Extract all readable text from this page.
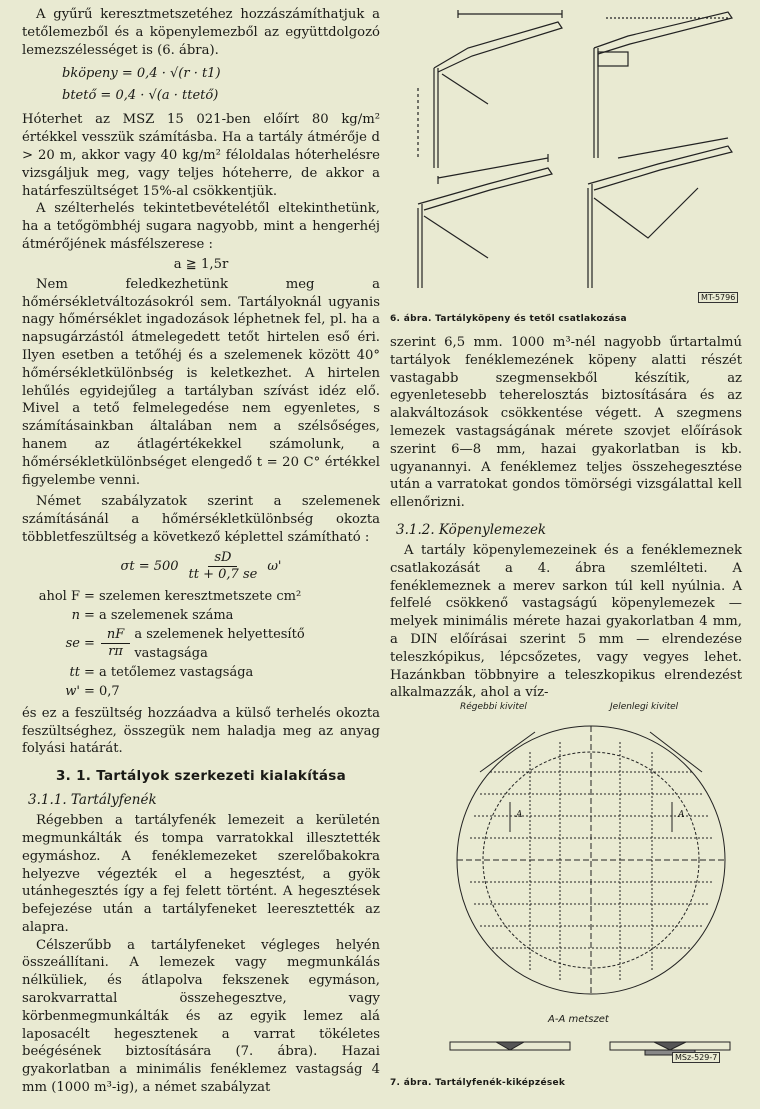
A gyűrű keresztmetszetéhez hozzászámíthatjuk a tetőlemezből és a köpenylemezből az együttdolgozó lemezszélességet is (6. ábra).

bköpeny = 0,4 · √(r · t1)
btető = 0,4 · √(a · ttető)

Hóterhet az MSZ 15 021-ben előírt 80 kg/m² értékkel vesszük számításba. Ha a tartály átmérője d > 20 m, akkor vagy 40 kg/m² féloldalas hóterhelésre vizsgáljuk meg, vagy teljes hóteherre, de akkor a határfeszültséget 15%-al csökkentjük.

A szélterhelés tekintetbevételétől eltekinthetünk, ha a tetőgömbhéj sugara nagyobb, mint a hengerhéj átmérőjének másfélszerese :

a ≧ 1,5r

Nem feledkezhetünk meg a hőmérsékletváltozásokról sem. Tartályoknál ugyanis nagy hőmérséklet ingadozások léphetnek fel, pl. ha a napsugárzástól átmelegedett tetőt hirtelen eső éri. Ilyen esetben a tetőhéj és a szelemenek között 40° hőmérsékletkülönbség is keletkezhet. A hirtelen lehűlés egyidejűleg a tartályban szívást idéz elő. Mivel a tető felmelegedése nem egyenletes, s számításainkban általában nem a szélsőséges, hanem az átlagértékekkel számolunk, a hőmérsékletkülönbséget elengedő t = 20 C° értékkel figyelembe venni.

Német szabályzatok szerint a szelemenek számításánál a hőmérsékletkülönbség okozta többletfeszültség a következő képlettel számítható :

$\sigma t = 500 \frac{sD}{tt + 0,7 se} \omega'$
ahol F = szelemen keresztmetszete cm²
n = a szelemenek száma
se = $\frac{nF}{r\pi}$ a szelemenek helyettesítő vastagsága
tt = a tetőlemez vastagsága
w' = 0,7

és ez a feszültség hozzáadva a külső terhelés okozta feszültséghez, összegük nem haladja meg az anyag folyási határát.

3. 1. Tartályok szerkezeti kialakítása
3.1.1. Tartályfenék

Régebben a tartályfenék lemezeit a kerületén megmunkálták és tompa varratokkal illesztették egymáshoz. A fenéklemezeket szerelőbakokra helyezve végezték el a hegesztést, a gyök utánhegesztés így a fej felett történt. A hegesztések befejezése után a tartályfeneket leeresztették az alapra.

Célszerűbb a tartályfeneket végleges helyén összeállítani. A lemezek vagy megmunkálás nélküliek, és átlapolva fekszenek egymáson, sarokvarrattal összehegesztve, vagy körbenmegmunkálták és az egyik lemez alá laposacélt hegesztenek a varrat tökéletes beégésének biztosítására (7. ábra). Hazai gyakorlatban a minimális fenéklemez vastagság 4 mm (1000 m³-ig), a német szabályzat

MT-5796
6. ábra. Tartályköpeny és tetől csatlakozása

szerint 6,5 mm. 1000 m³-nél nagyobb űrtartalmú tartályok fenéklemezének köpeny alatti részét vastagabb szegmensekből készítik, az egyenletesebb teherelosztás biztosítására és az alakváltozások csökkentése végett. A szegmens lemezek vastagságának mérete szovjet előírások szerint 6—8 mm, hazai gyakorlatban is kb. ugyanannyi. A fenéklemez teljes összehegesztése után a varratokat gondos tömörségi vizsgálattal kell ellenőrizni.

3.1.2. Köpenylemezek

A tartály köpenylemezeinek és a fenéklemeznek csatlakozását a 4. ábra szemlélteti. A fenéklemeznek a merev sarkon túl kell nyúlnia. A felfelé csökkenő vastagságú köpenylemezek — melyek minimális mérete hazai gyakorlatban 4 mm, a DIN előírásai szerint 5 mm — elrendezése teleszkópikus, lépcsőzetes, vagy vegyes lehet. Hazánkban többnyire a teleszkopikus elrendezést alkalmazzák, ahol a víz-

Régebbi kivitel	Jelenlegi kivitel
A	A
A-A metszet
MSz-529-7
7. ábra. Tartályfenék-kiképzések
